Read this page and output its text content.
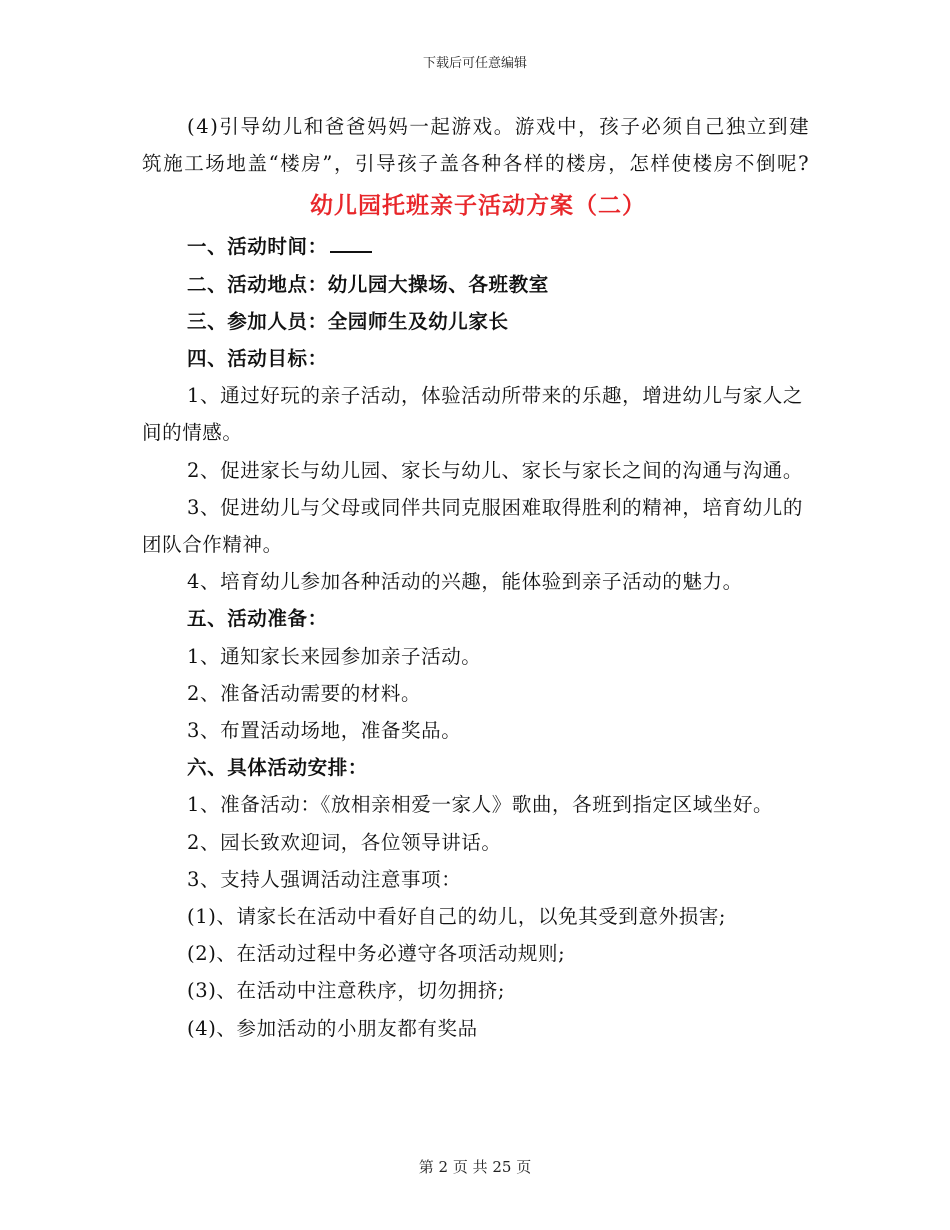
下载后可任意编辑

(4)引导幼儿和爸爸妈妈一起游戏。游戏中，孩子必须自己独立到建筑施工场地盖“楼房”，引导孩子盖各种各样的楼房，怎样使楼房不倒呢?

幼儿园托班亲子活动方案（二）

一、活动时间：

二、活动地点：幼儿园大操场、各班教室

三、参加人员：全园师生及幼儿家长

四、活动目标：

1、通过好玩的亲子活动，体验活动所带来的乐趣，增进幼儿与家人之间的情感。

2、促进家长与幼儿园、家长与幼儿、家长与家长之间的沟通与沟通。

3、促进幼儿与父母或同伴共同克服困难取得胜利的精神，培育幼儿的团队合作精神。

4、培育幼儿参加各种活动的兴趣，能体验到亲子活动的魅力。

五、活动准备：

1、通知家长来园参加亲子活动。

2、准备活动需要的材料。

3、布置活动场地，准备奖品。

六、具体活动安排：

1、准备活动：《放相亲相爱一家人》歌曲，各班到指定区域坐好。

2、园长致欢迎词，各位领导讲话。

3、支持人强调活动注意事项：

(1)、请家长在活动中看好自己的幼儿，以免其受到意外损害;

(2)、在活动过程中务必遵守各项活动规则;

(3)、在活动中注意秩序，切勿拥挤;

(4)、参加活动的小朋友都有奖品

第 2 页 共 25 页
